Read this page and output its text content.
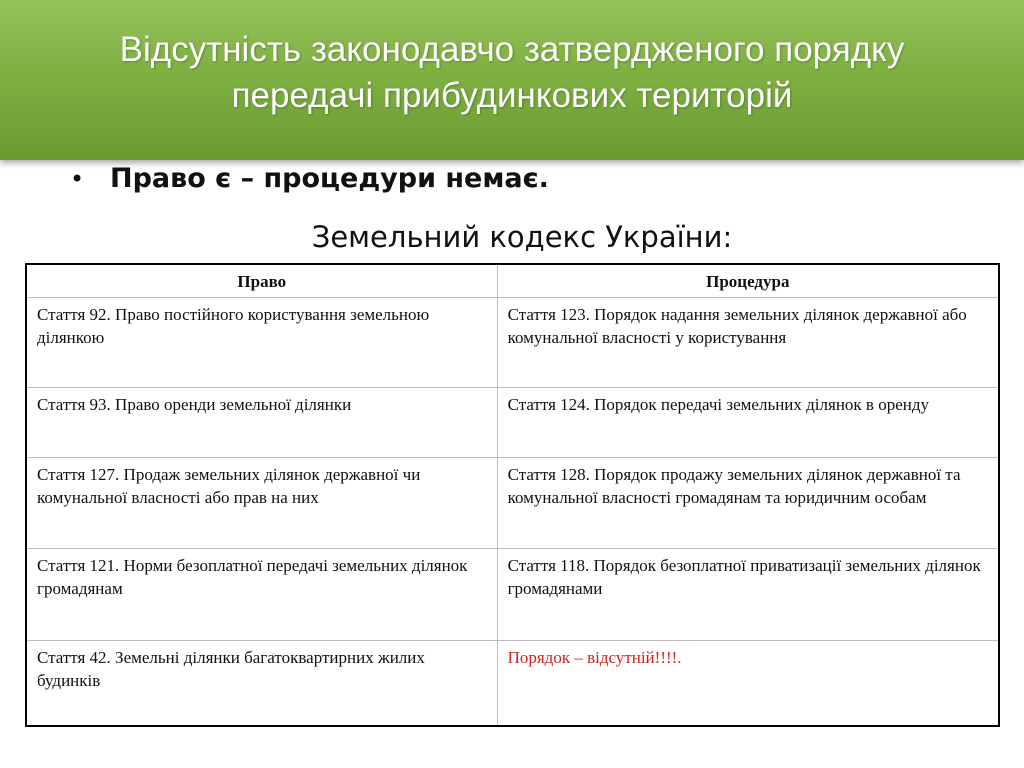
Відсутність законодавчо затвердженого порядку передачі прибудинкових територій
• Право є – процедури немає.
Земельний кодекс України:
Право	Процедура
Стаття 92. Право постійного користування земельною ділянкою	Стаття 123. Порядок надання земельних ділянок державної або комунальної власності у користування
Стаття 93. Право оренди земельної ділянки	Стаття 124. Порядок передачі земельних ділянок в оренду
Стаття 127. Продаж земельних ділянок державної чи комунальної власності або прав на них	Стаття 128. Порядок продажу земельних ділянок державної та комунальної власності громадянам та юридичним особам
Стаття 121. Норми безоплатної передачі земельних ділянок громадянам	Стаття 118. Порядок безоплатної приватизації земельних ділянок громадянами
Стаття 42. Земельні ділянки багатоквартирних жилих будинків	Порядок – відсутній!!!!.
